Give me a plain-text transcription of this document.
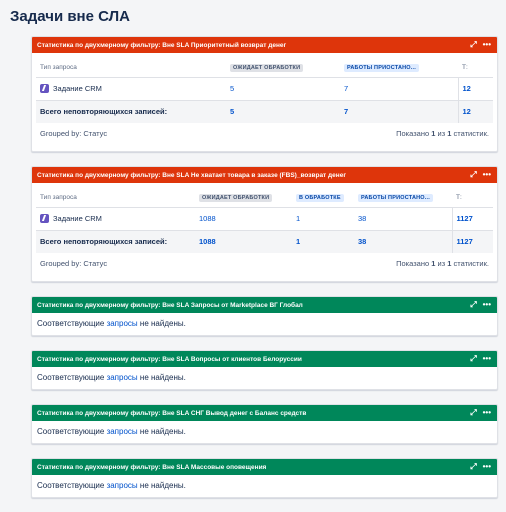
Задачи вне СЛА
Статистика по двухмерному фильтру: Вне SLA Приоритетный возврат денег	⤢ •••
Тип запроса	ОЖИДАЕТ ОБРАБОТКИ	РАБОТЫ ПРИОСТАНО...	Т:
Задание CRM	5	7	12
Всего неповторяющихся записей:	5	7	12
Grouped by: Статус	Показано 1 из 1 статистик.
Статистика по двухмерному фильтру: Вне SLA Не хватает товара в заказе (FBS)_возврат денег	⤢ •••
Тип запроса	ОЖИДАЕТ ОБРАБОТКИ	В ОБРАБОТКЕ	РАБОТЫ ПРИОСТАНО...	Т:
Задание CRM	1088	1	38	1127
Всего неповторяющихся записей:	1088	1	38	1127
Grouped by: Статус	Показано 1 из 1 статистик.
Статистика по двухмерному фильтру: Вне SLA Запросы от Marketplace ВГ Глобал	⤢ •••
Соответствующие запросы не найдены.
Статистика по двухмерному фильтру: Вне SLA Вопросы от клиентов Белоруссии	⤢ •••
Соответствующие запросы не найдены.
Статистика по двухмерному фильтру: Вне SLA СНГ Вывод денег с Баланс средств	⤢ •••
Соответствующие запросы не найдены.
Статистика по двухмерному фильтру: Вне SLA Массовые оповещения	⤢ •••
Соответствующие запросы не найдены.
